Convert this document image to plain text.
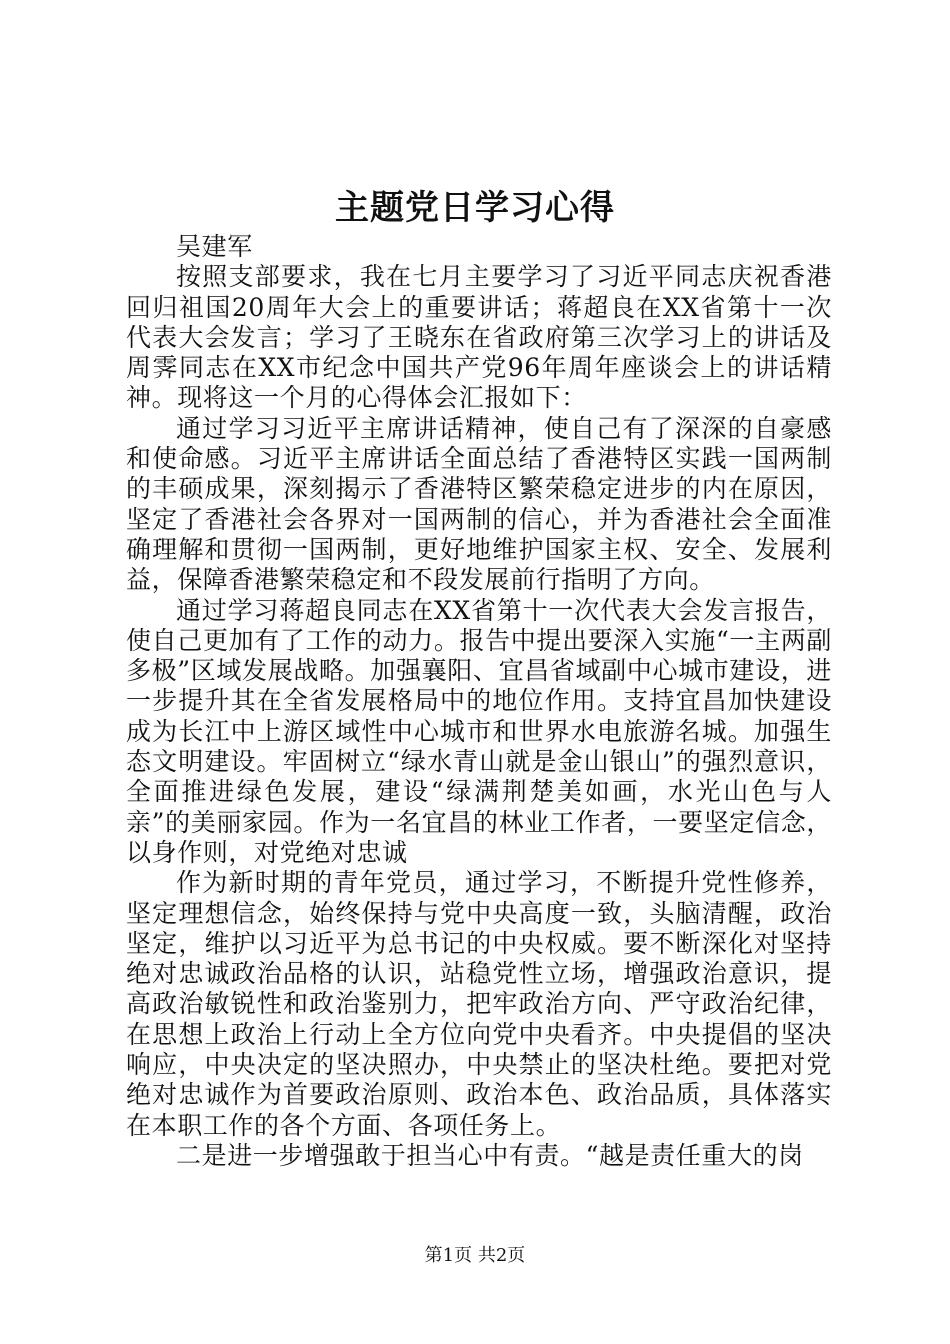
主题党日学习心得

吴建军

按照支部要求，我在七月主要学习了习近平同志庆祝香港回归祖国20周年大会上的重要讲话；蒋超良在XX省第十一次代表大会发言；学习了王晓东在省政府第三次学习上的讲话及周霁同志在XX市纪念中国共产党96年周年座谈会上的讲话精神。现将这一个月的心得体会汇报如下：

通过学习习近平主席讲话精神，使自己有了深深的自豪感和使命感。习近平主席讲话全面总结了香港特区实践一国两制的丰硕成果，深刻揭示了香港特区繁荣稳定进步的内在原因，坚定了香港社会各界对一国两制的信心，并为香港社会全面准确理解和贯彻一国两制，更好地维护国家主权、安全、发展利益，保障香港繁荣稳定和不段发展前行指明了方向。

通过学习蒋超良同志在XX省第十一次代表大会发言报告，使自己更加有了工作的动力。报告中提出要深入实施“一主两副多极”区域发展战略。加强襄阳、宜昌省域副中心城市建设，进一步提升其在全省发展格局中的地位作用。支持宜昌加快建设成为长江中上游区域性中心城市和世界水电旅游名城。加强生态文明建设。牢固树立“绿水青山就是金山银山”的强烈意识，全面推进绿色发展，建设“绿满荆楚美如画，水光山色与人亲”的美丽家园。作为一名宜昌的林业工作者，一要坚定信念，以身作则，对党绝对忠诚

作为新时期的青年党员，通过学习，不断提升党性修养，坚定理想信念，始终保持与党中央高度一致，头脑清醒，政治坚定，维护以习近平为总书记的中央权威。要不断深化对坚持绝对忠诚政治品格的认识，站稳党性立场，增强政治意识，提高政治敏锐性和政治鉴别力，把牢政治方向、严守政治纪律，在思想上政治上行动上全方位向党中央看齐。中央提倡的坚决响应，中央决定的坚决照办，中央禁止的坚决杜绝。要把对党绝对忠诚作为首要政治原则、政治本色、政治品质，具体落实在本职工作的各个方面、各项任务上。

二是进一步增强敢于担当心中有责。“越是责任重大的岗

第1页 共2页
